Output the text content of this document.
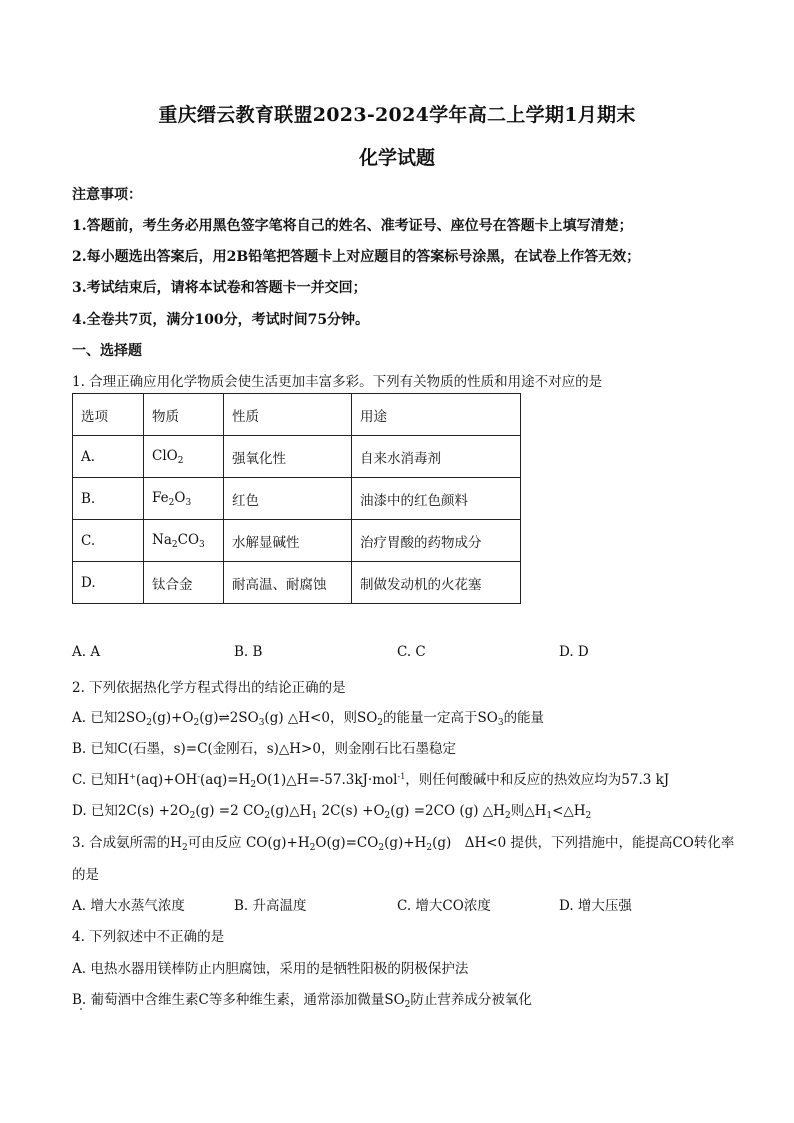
重庆缙云教育联盟2023-2024学年高二上学期1月期末
化学试题
注意事项：
1.答题前，考生务必用黑色签字笔将自己的姓名、准考证号、座位号在答题卡上填写清楚；
2.每小题选出答案后，用2B铅笔把答题卡上对应题目的答案标号涂黑，在试卷上作答无效；
3.考试结束后，请将本试卷和答题卡一并交回；
4.全卷共7页，满分100分，考试时间75分钟。
一、选择题
1. 合理正确应用化学物质会使生活更加丰富多彩。下列有关物质的性质和用途不对应的是
选项	物质	性质	用途
A.	ClO$_2$	强氧化性	自来水消毒剂
B.	$Fe_2O_3$	红色	油漆中的红色颜料
C.	$Na_2CO_3$	水解显碱性	治疗胃酸的药物成分
D.	钛合金	耐高温、耐腐蚀	制做发动机的火花塞
A. A	B. B	C. C	D. D
2. 下列依据热化学方程式得出的结论正确的是
A. 已知$2SO_2(g)+O_2(g)\rightleftharpoons 2SO_3(g)$ △H<0，则$SO_2$的能量一定高于$SO_3$的能量
B. 已知C(石墨，s)=C(金刚石，s)△H>0，则金刚石比石墨稳定
C. 已知$H^+(aq)+OH^-(aq)=H_2O(1)\triangle H=-57.3kJ\cdot mol^{-1}$，则任何酸碱中和反应的热效应均为57.3 kJ
D. 已知$2C(s) +2O_2(g) =2$ $CO_2(g)\triangle H_1$ $2C(s) +O_2(g) =2CO$ (g) $\triangle H_2$则$\triangle H_1<\triangle H_2$
3. 合成氨所需的$H_2$可由反应 $CO(g)+H_2O(g)=CO_2(g)+H_2(g)$　ΔH<0 提供，下列措施中，能提高CO转化率
的是
A. 增大水蒸气浓度	B. 升高温度	C. 增大CO浓度	D. 增大压强
4. 下列叙述中不正确的是
A. 电热水器用镁棒防止内胆腐蚀，采用的是牺牲阳极的阴极保护法
B. 葡萄酒中含维生素C等多种维生素，通常添加微量$SO_2$防止营养成分被氧化
